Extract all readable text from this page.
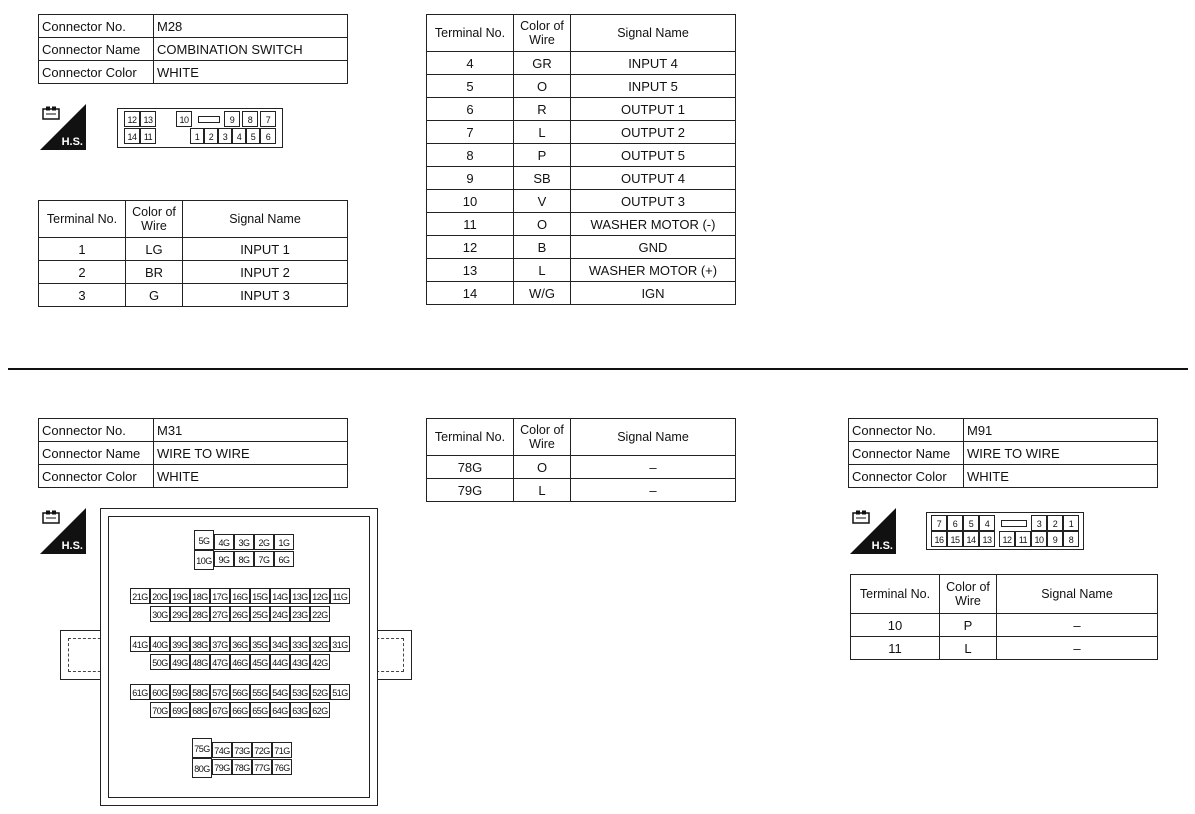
Connector No.	M28
Connector Name	COMBINATION SWITCH
Connector Color	WHITE
H.S.
12 13	10	9	8	7
14 11	1	2	3	4	5	6
Terminal No.	Color of Wire	Signal Name
1	LG	INPUT 1
2	BR	INPUT 2
3	G	INPUT 3
Terminal No.	Color of Wire	Signal Name
4	GR	INPUT 4
5	O	INPUT 5
6	R	OUTPUT 1
7	L	OUTPUT 2
8	P	OUTPUT 5
9	SB	OUTPUT 4
10	V	OUTPUT 3
11	O	WASHER MOTOR (-)
12	B	GND
13	L	WASHER MOTOR (+)
14	W/G	IGN
Connector No.	M31
Connector Name	WIRE TO WIRE
Connector Color	WHITE
H.S.	5G
10G
4G 3G 2G 1G
9G 8G 7G 6G
21G 20G 19G 18G 17G 16G 15G 14G 13G 12G 11G
30G 29G 28G 27G 26G 25G 24G 23G 22G
41G 40G 39G 38G 37G 36G 35G 34G 33G 32G 31G
50G 49G 48G 47G 46G 45G 44G 43G 42G
61G 60G 59G 58G 57G 56G 55G 54G 53G 52G 51G
70G 69G 68G 67G 66G 65G 64G 63G 62G
75G
80G
74G 73G 72G 71G
79G 78G 77G 76G
Terminal No.	Color of Wire	Signal Name
78G	O	–
79G	L	–
Connector No.	M91
Connector Name	WIRE TO WIRE
Connector Color	WHITE
H.S.
7	6	5	4	3	2	1
16 15 14 13	12 11 10	9	8
Terminal No.	Color of Wire	Signal Name
10	P	–
11	L	–
